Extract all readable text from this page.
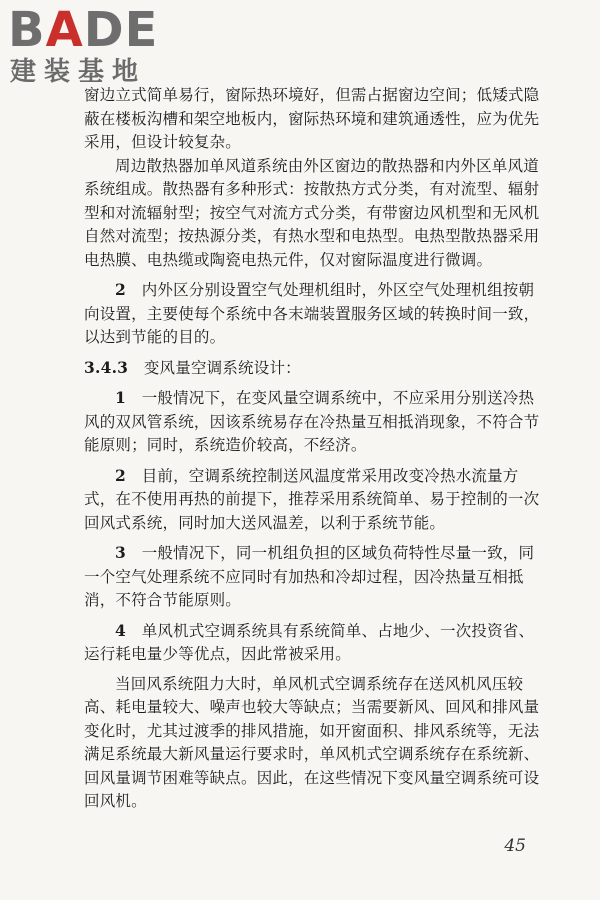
BADE
建装基地

窗边立式简单易行，窗际热环境好，但需占据窗边空间；低矮式隐蔽在楼板沟槽和架空地板内，窗际热环境和建筑通透性，应为优先采用，但设计较复杂。

周边散热器加单风道系统由外区窗边的散热器和内外区单风道系统组成。散热器有多种形式：按散热方式分类，有对流型、辐射型和对流辐射型；按空气对流方式分类，有带窗边风机型和无风机自然对流型；按热源分类，有热水型和电热型。电热型散热器采用电热膜、电热缆或陶瓷电热元件，仅对窗际温度进行微调。

2　 内外区分别设置空气处理机组时，外区空气处理机组按朝向设置，主要使每个系统中各末端装置服务区域的转换时间一致，以达到节能的目的。

3.4.3　 变风量空调系统设计：

1　 一般情况下，在变风量空调系统中，不应采用分别送冷热风的双风管系统，因该系统易存在冷热量互相抵消现象，不符合节能原则；同时，系统造价较高，不经济。

2　 目前，空调系统控制送风温度常采用改变冷热水流量方式，在不使用再热的前提下，推荐采用系统简单、易于控制的一次回风式系统，同时加大送风温差，以利于系统节能。

3　 一般情况下，同一机组负担的区域负荷特性尽量一致，同一个空气处理系统不应同时有加热和冷却过程，因冷热量互相抵消，不符合节能原则。

4　 单风机式空调系统具有系统简单、占地少、一次投资省、运行耗电量少等优点，因此常被采用。

当回风系统阻力大时，单风机式空调系统存在送风机风压较高、耗电量较大、噪声也较大等缺点；当需要新风、回风和排风量变化时，尤其过渡季的排风措施，如开窗面积、排风系统等，无法满足系统最大新风量运行要求时，单风机式空调系统存在系统新、回风量调节困难等缺点。因此，在这些情况下变风量空调系统可设回风机。

45
